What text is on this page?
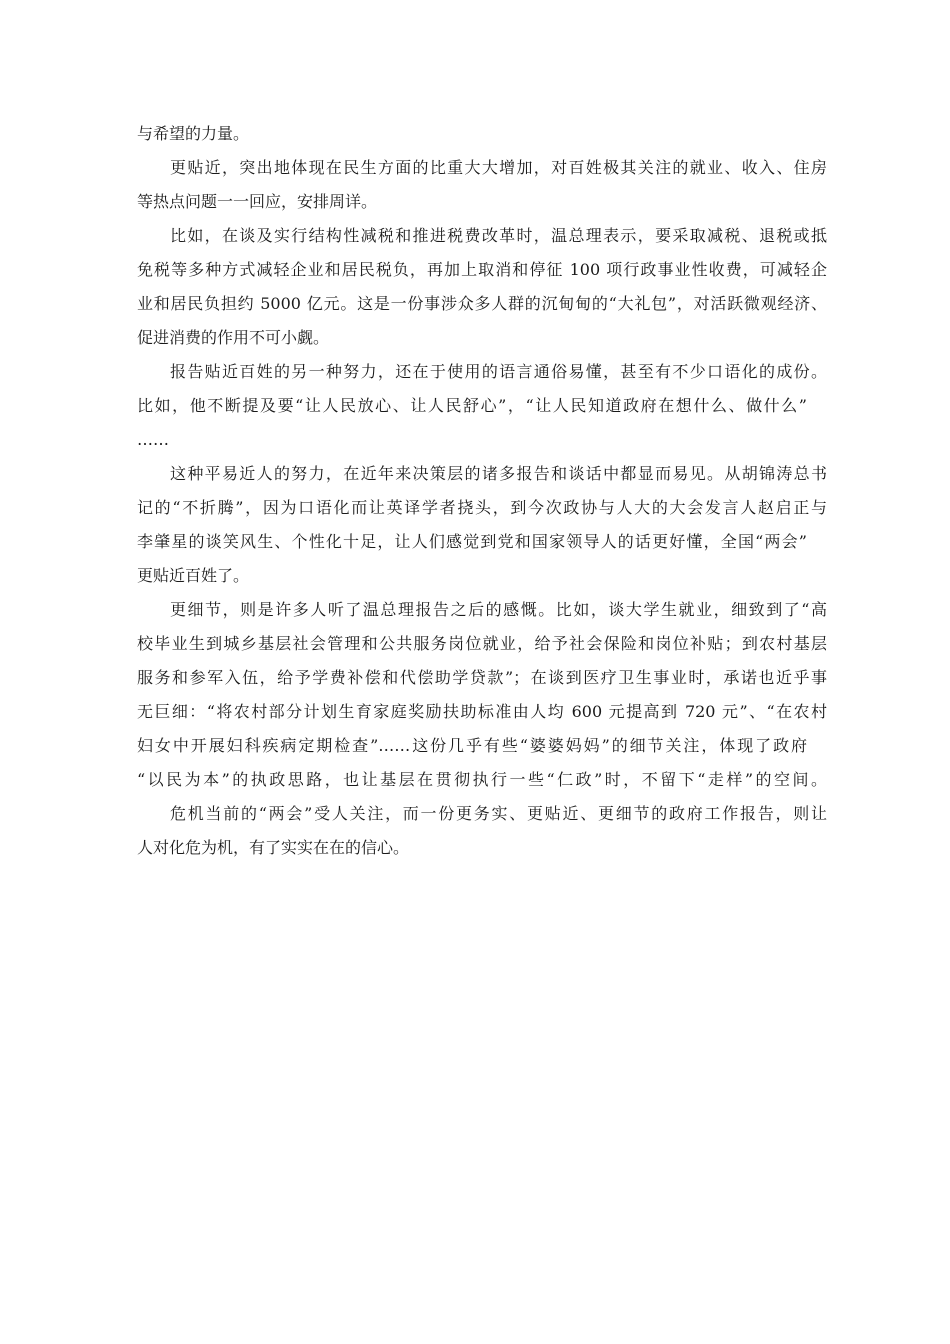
与希望的力量。

更贴近，突出地体现在民生方面的比重大大增加，对百姓极其关注的就业、收入、住房

等热点问题一一回应，安排周详。

比如，在谈及实行结构性减税和推进税费改革时，温总理表示，要采取减税、退税或抵

免税等多种方式减轻企业和居民税负，再加上取消和停征 100 项行政事业性收费，可减轻企

业和居民负担约 5000 亿元。这是一份事涉众多人群的沉甸甸的“大礼包”，对活跃微观经济、

促进消费的作用不可小觑。

报告贴近百姓的另一种努力，还在于使用的语言通俗易懂，甚至有不少口语化的成份。

比如，他不断提及要“让人民放心、让人民舒心”，“让人民知道政府在想什么、做什么”

……

这种平易近人的努力，在近年来决策层的诸多报告和谈话中都显而易见。从胡锦涛总书

记的“不折腾”，因为口语化而让英译学者挠头，到今次政协与人大的大会发言人赵启正与

李肇星的谈笑风生、个性化十足，让人们感觉到党和国家领导人的话更好懂，全国“两会”

更贴近百姓了。

更细节，则是许多人听了温总理报告之后的感慨。比如，谈大学生就业，细致到了“高

校毕业生到城乡基层社会管理和公共服务岗位就业，给予社会保险和岗位补贴；到农村基层

服务和参军入伍，给予学费补偿和代偿助学贷款”；在谈到医疗卫生事业时，承诺也近乎事

无巨细：“将农村部分计划生育家庭奖励扶助标准由人均 600 元提高到 720 元”、“在农村

妇女中开展妇科疾病定期检查”……这份几乎有些“婆婆妈妈”的细节关注，体现了政府

“以民为本”的执政思路，也让基层在贯彻执行一些“仁政”时，不留下“走样”的空间。

危机当前的“两会”受人关注，而一份更务实、更贴近、更细节的政府工作报告，则让

人对化危为机，有了实实在在的信心。
